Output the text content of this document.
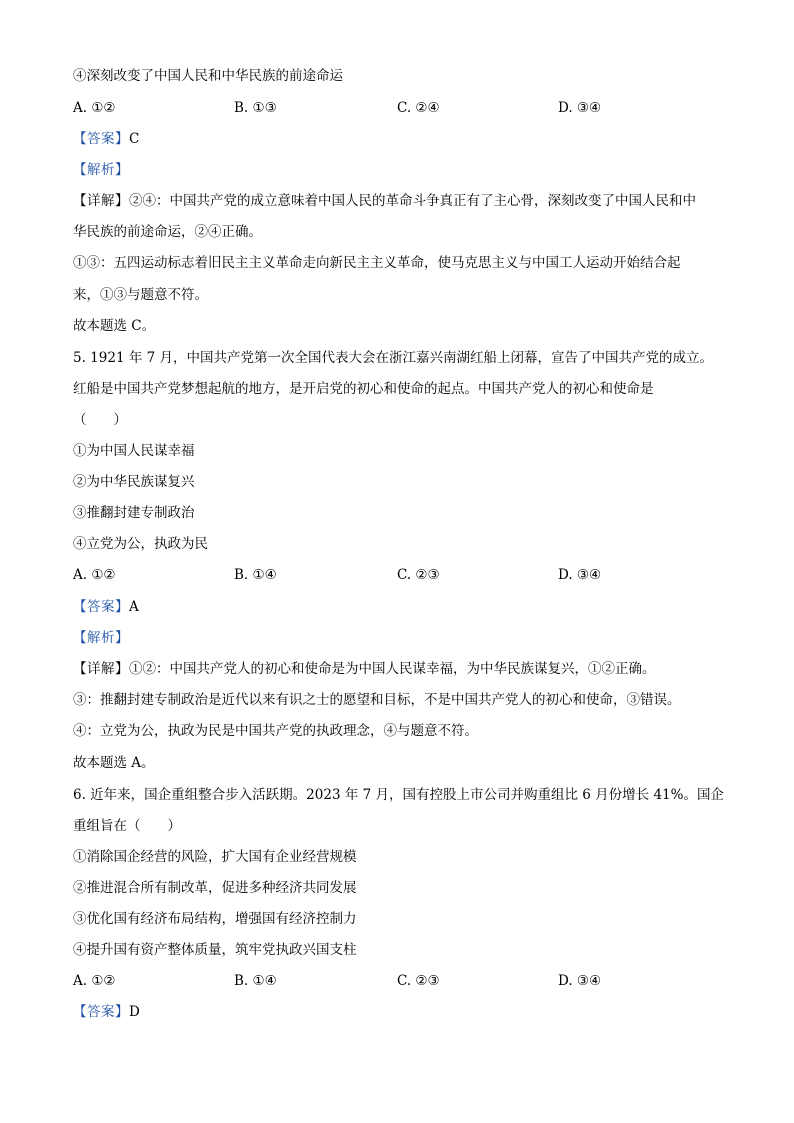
④深刻改变了中国人民和中华民族的前途命运
A. ①②	B. ①③	C. ②④	D. ③④
【答案】C
【解析】
【详解】②④：中国共产党的成立意味着中国人民的革命斗争真正有了主心骨，深刻改变了中国人民和中
华民族的前途命运，②④正确。
①③：五四运动标志着旧民主主义革命走向新民主主义革命，使马克思主义与中国工人运动开始结合起
来，①③与题意不符。
故本题选 C。
5. 1921 年 7 月，中国共产党第一次全国代表大会在浙江嘉兴南湖红船上闭幕，宣告了中国共产党的成立。
红船是中国共产党梦想起航的地方，是开启党的初心和使命的起点。中国共产党人的初心和使命是
（　　）
①为中国人民谋幸福
②为中华民族谋复兴
③推翻封建专制政治
④立党为公，执政为民
A. ①②	B. ①④	C. ②③	D. ③④
【答案】A
【解析】
【详解】①②：中国共产党人的初心和使命是为中国人民谋幸福，为中华民族谋复兴，①②正确。
③：推翻封建专制政治是近代以来有识之士的愿望和目标，不是中国共产党人的初心和使命，③错误。
④：立党为公，执政为民是中国共产党的执政理念，④与题意不符。
故本题选 A。
6. 近年来，国企重组整合步入活跃期。2023 年 7 月，国有控股上市公司并购重组比 6 月份增长 41%。国企
重组旨在（　　）
①消除国企经营的风险，扩大国有企业经营规模
②推进混合所有制改革，促进多种经济共同发展
③优化国有经济布局结构，增强国有经济控制力
④提升国有资产整体质量，筑牢党执政兴国支柱
A. ①②	B. ①④	C. ②③	D. ③④
【答案】D
